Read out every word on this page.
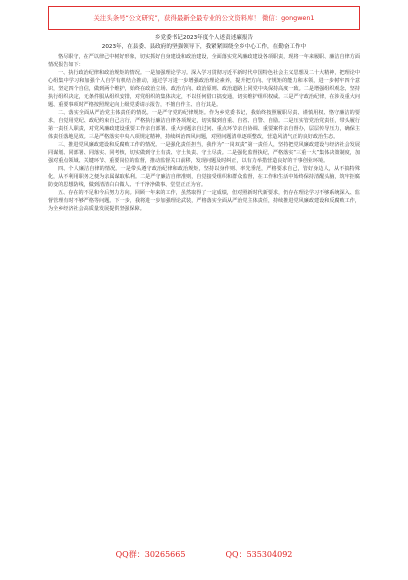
关注头条号“公文研究”，获得最新全最专业的公文资料库！ 微信：gongwen1
乡党委书记2023年度个人述责述廉报告
2023年，在县委、县政府的坚强领导下，我紧紧围绕全乡中心工作，在勤奋工作中

恪尽职守，在严以律己中树好形象，切实抓好自身建设和政治建设，全面落实党风廉政建设各项职责，现将一年来履职、廉洁自律方面情况报告如下：

一、执行政治纪律和政治规矩的情况。一是加强理论学习。深入学习贯彻习近平新时代中国特色社会主义思想及二十大精神，把理论中心组集中学习和加强个人自学有机结合推动，通过学习进一步增强政治理论素养，提升把方向、守规矩的能力和本领，进一步树牢四个意识，坚定四个自信，做到两个维护，始终在政治立场、政治方向、政治原则、政治道路上同党中央保持高度一致。二是增强组织观念，坚持执行组织决定，无条件服从组织安排，对党组织的集体决定，不以任何借口搞变通，切实维护组织权威。三是严守政治纪律，在涉及重大问题、重要事项时严格按照规定向上级党委请示报告，不擅自作主、自行其是。

二、落实全面从严治党主体责任的情况。一是严守党的纪律规矩。作为乡党委书记，我始终按照履职尽责、谨慎用权、恪守廉洁的要求，自觉用党纪、政纪约束自己言行，严格执行廉洁自律各项规定，切实做到自重、自省、自警、自励。二是压实管党治党责任，带头履行第一责任人职责，对党风廉政建设重要工作亲自部署、重大问题亲自过问、重点环节亲自协调、重要案件亲自督办，层层传导压力，确保主体责任落地见效。三是严格落实中央八项规定精神，持续纠治四风问题，对照问题清单逐项整改，营造风清气正的良好政治生态。

三、推进党风廉政建设和反腐败工作的情况。一是强化责任担当，我作为“一岗双责”第一责任人，坚持把党风廉政建设与经济社会发展同谋划、同部署、同落实、同考核，切实做到守土有责、守土负责、守土尽责。二是强化监督执纪，严格落实“三重一大”集体决策制度，加强对重点领域、关键环节、重要岗位的监督，推动监督关口前移，发现问题及时纠正，以有力举措营造良好的干事创业环境。

四、个人廉洁自律的情况。一是带头遵守政治纪律和政治规矩，坚持以身作则、率先垂范，严格要求自己，管好身边人，从不搞特殊化，从不利用职务之便为亲属谋取私利。二是严守廉洁自律准则，自觉接受组织和群众监督，在工作和生活中始终保持清醒头脑，筑牢拒腐防变的思想防线，做到清清白白做人、干干净净做事、堂堂正正为官。

五、存在的不足和今后努力方向。回顾一年来的工作，虽然取得了一定成绩，但对照新时代新要求，仍存在理论学习不够系统深入、监督管理有时不够严格等问题。下一步，我将进一步加强理论武装，严格落实全面从严治党主体责任，持续推进党风廉政建设和反腐败工作，为全乡经济社会高质量发展提供坚强保障。

QQ群：30265665	QQ：535304092
